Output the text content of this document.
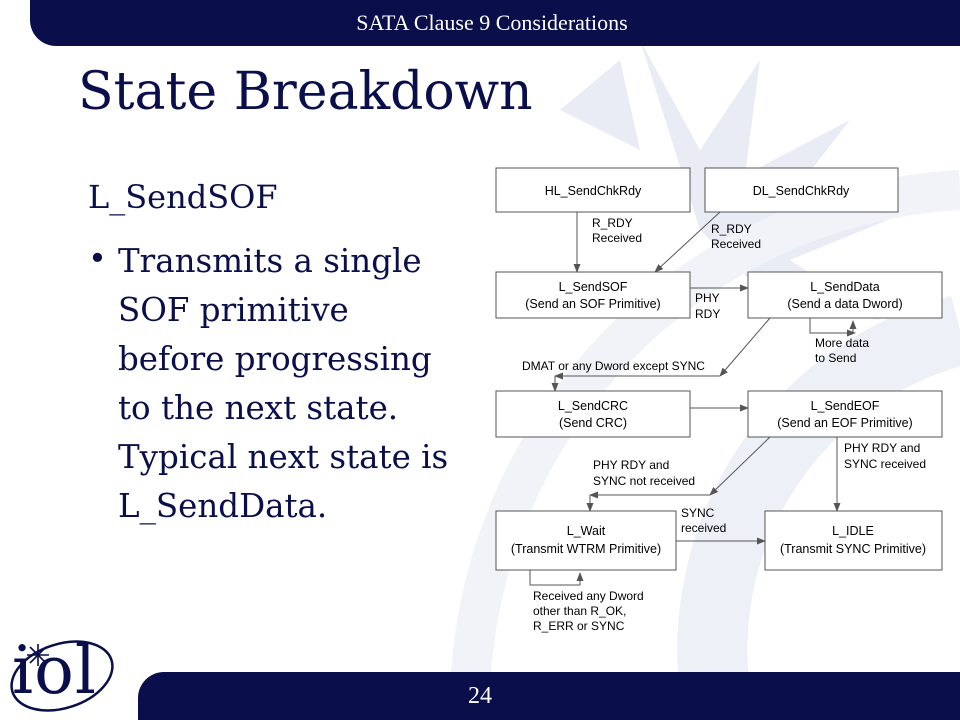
SATA Clause 9 Considerations
State Breakdown
L_SendSOF
• Transmits a single SOF primitive before progressing to the next state. Typical next state is L_SendData.
HL_SendChkRdy	DL_SendChkRdy
L_SendSOF
(Send an SOF Primitive)
L_SendData
(Send a data Dword)
L_SendCRC
(Send CRC)
L_SendEOF
(Send an EOF Primitive)
L_Wait
(Transmit WTRM Primitive)
L_IDLE
(Transmit SYNC Primitive)
R_RDY
Received
R_RDY
Received
PHY
RDY
More data
to Send
DMAT or any Dword except SYNC
PHY RDY and
SYNC not received
PHY RDY and
SYNC received
SYNC
received
Received any Dword
other than R_OK,
R_ERR or SYNC
24
iol
